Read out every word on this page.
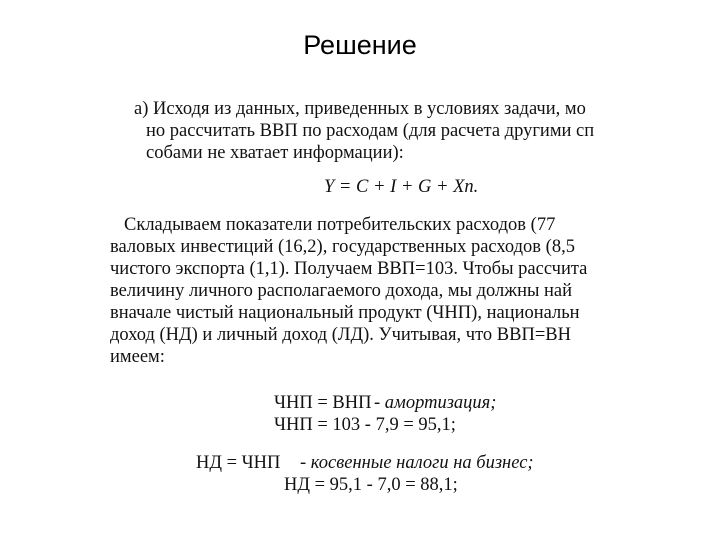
Решение
а) Исходя из данных, приведенных в условиях задачи, мо
но рассчитать ВВП по расходам (для расчета другими сп
собами не хватает информации):
Y = C + I + G + Xп.
Складываем показатели потребительских расходов (77
валовых инвестиций (16,2), государственных расходов (8,5
чистого экспорта (1,1). Получаем ВВП=103. Чтобы рассчита
величину личного располагаемого дохода, мы должны най
вначале чистый национальный продукт (ЧНП), национальн
доход (НД) и личный доход (ЛД). Учитывая, что ВВП=ВН
имеем:
ЧНП = ВНП - амортизация;
ЧНП = 103 - 7,9 = 95,1;
НД = ЧНП - косвенные налоги на бизнес;
НД = 95,1 - 7,0 = 88,1;
